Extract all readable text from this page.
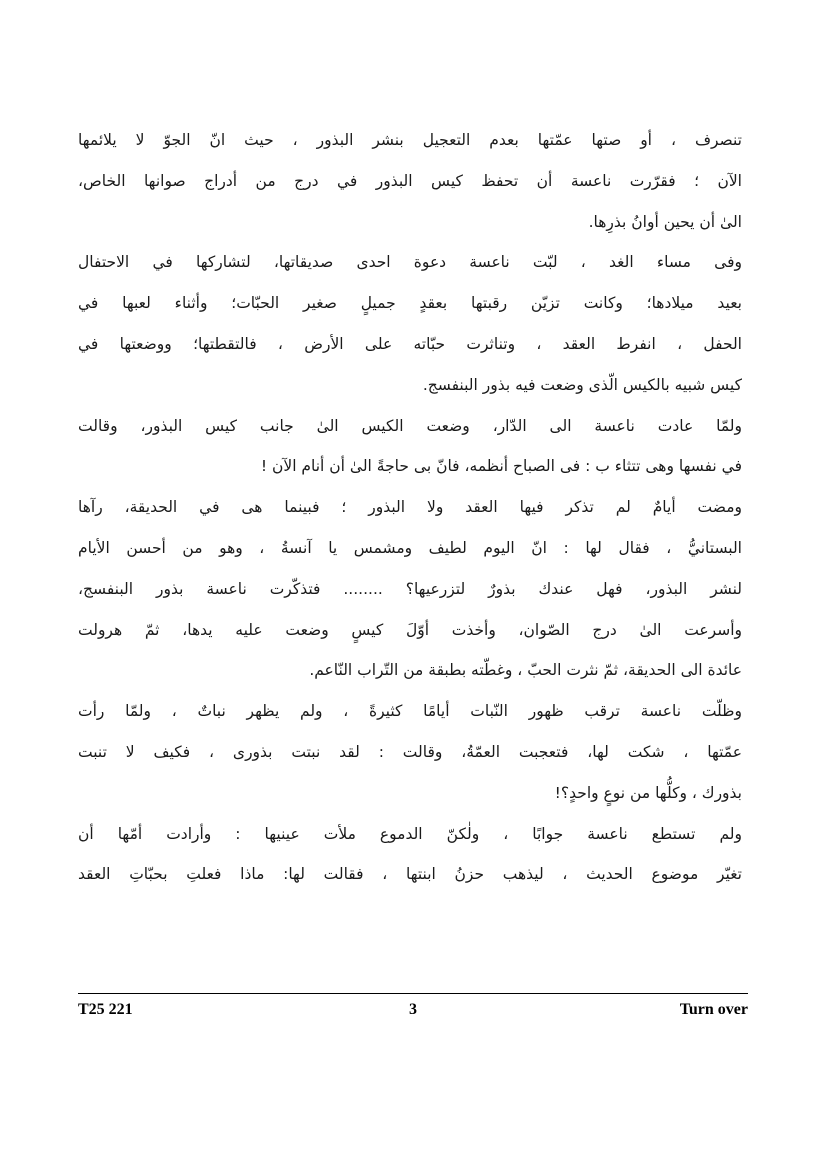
تنصرف ، أو صتها عمّتها بعدم التعجيل بنشر البذور ، حيث انّ الجوّ لا يلائمها
الآن ؛ فقرّرت ناعسة أن تحفظ كيس البذور في درج من أدراج صوانها الخاص،
الىٰ أن يحين أوانُ بذرِها.
وفى مساء الغد ، لبّت ناعسة دعوة احدى صديقاتها، لتشاركها في الاحتفال
بعيد ميلادها؛ وكانت تزيّن رقبتها بعقدٍ جميلٍ صغير الحبّات؛ وأثناء لعبها في
الحفل ، انفرط العقد ، وتناثرت حبّاته على الأرض ، فالتقطتها؛ ووضعتها في
كيس شبيه بالكيس الّذى وضعت فيه بذور البنفسج.
ولمّا عادت ناعسة الى الدّار، وضعت الكيس الىٰ جانب كيس البذور، وقالت
في نفسها وهى تتثاء ب : فى الصباح أنظمه، فانّ بى حاجةً الىٰ أن أنام الآن !
ومضت أيامٌ لم تذكر فيها العقد ولا البذور ؛ فبينما هى في الحديقة، رآها
البستانيُّ ، فقال لها : انّ اليوم لطيف ومشمس يا آنسةُ ، وهو من أحسن الأيام
لنشر البذور، فهل عندك بذورٌ لتزرعيها؟ ........ فتذكّرت ناعسة بذور البنفسج،
وأسرعت الىٰ درج الصّوان، وأخذت أوّلَ كيسٍ وضعت عليه يدها، ثمّ هرولت
عائدة الى الحديقة، ثمّ نثرت الحبّ ، وغطّته بطبقة من التّراب النّاعم.
وظلّت ناعسة ترقب ظهور النّبات أيامًا كثيرةً ، ولم يظهر نباتٌ ، ولمّا رأت
عمّتها ، شكت لها، فتعجبت العمّةُ، وقالت : لقد نبتت بذورى ، فكيف لا تنبت
بذورك ، وكلُّها من نوعٍ واحدٍ؟!
ولم تستطع ناعسة جوابًا ، ولٰكنّ الدموع ملأت عينيها : وأرادت أمّها أن
تغيّر موضوع الحديث ، ليذهب حزنُ ابنتها ، فقالت لها: ماذا فعلتِ بحبّاتِ العقد
T25 221	3	Turn over
